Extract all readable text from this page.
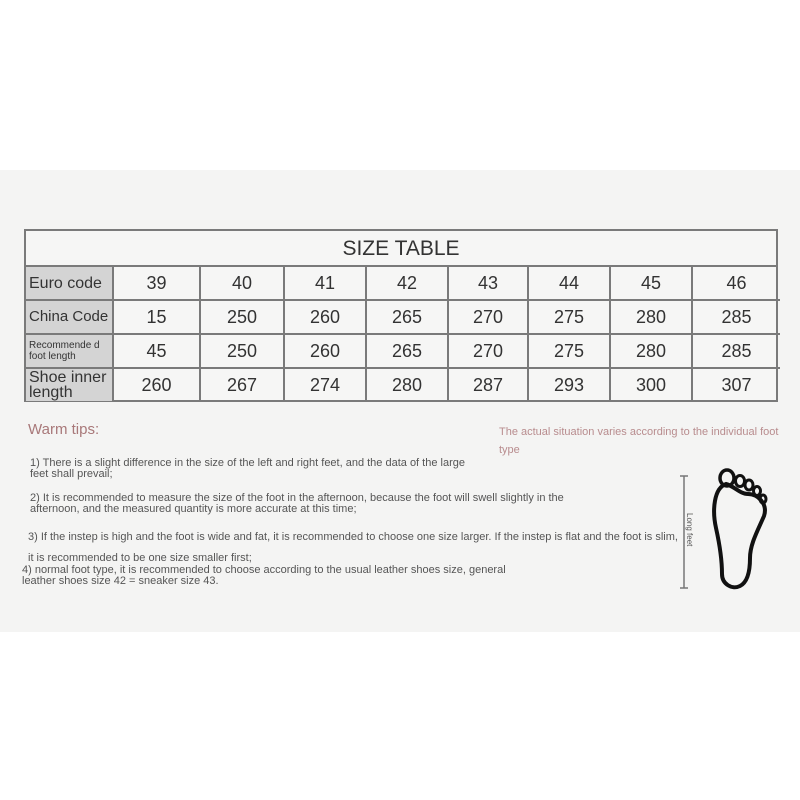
SIZE TABLE
Euro code	39	40	41	42	43	44	45	46
China Code	15	250	260	265	270	275	280	285
Recommende d foot length	45	250	260	265	270	275	280	285
Shoe inner length	260	267	274	280	287	293	300	307
Warm tips:	The actual situation varies according to the individual foot type
1) There is a slight difference in the size of the left and right feet, and the data of the large feet shall prevail;
2) It is recommended to measure the size of the foot in the afternoon, because the foot will swell slightly in the afternoon, and the measured quantity is more accurate at this time;
3) If the instep is high and the foot is wide and fat, it is recommended to choose one size larger. If the instep is flat and the foot is slim, it is recommended to be one size smaller first;
4) normal foot type, it is recommended to choose according to the usual leather shoes size, general leather shoes size 42 = sneaker size 43.
Long feet
